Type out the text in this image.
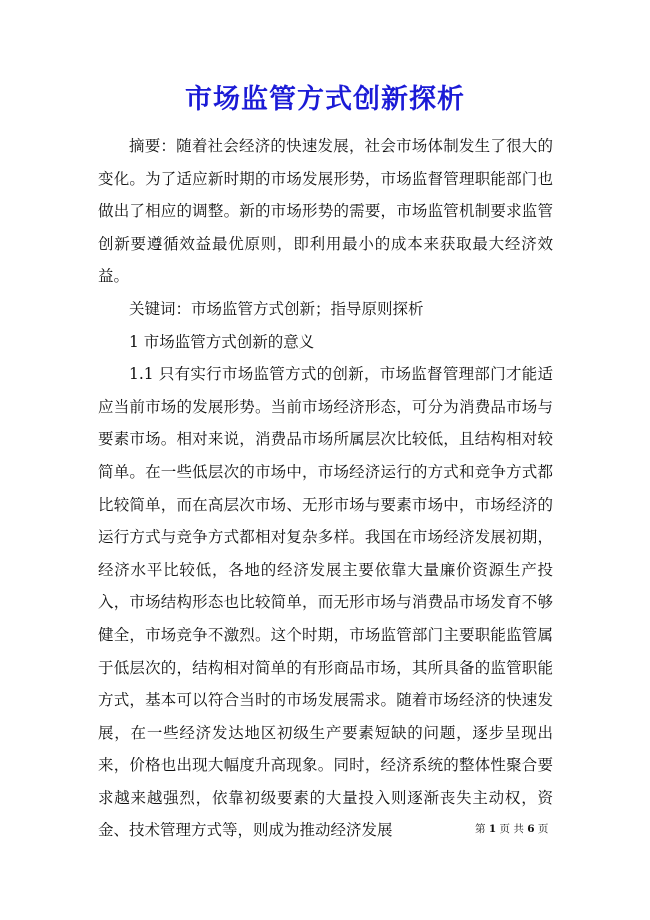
市场监管方式创新探析

摘要：随着社会经济的快速发展，社会市场体制发生了很大的变化。为了适应新时期的市场发展形势，市场监督管理职能部门也做出了相应的调整。新的市场形势的需要，市场监管机制要求监管创新要遵循效益最优原则，即利用最小的成本来获取最大经济效益。

关键词：市场监管方式创新；指导原则探析

1 市场监管方式创新的意义

1.1 只有实行市场监管方式的创新，市场监督管理部门才能适应当前市场的发展形势。当前市场经济形态，可分为消费品市场与要素市场。相对来说，消费品市场所属层次比较低，且结构相对较简单。在一些低层次的市场中，市场经济运行的方式和竞争方式都比较简单，而在高层次市场、无形市场与要素市场中，市场经济的运行方式与竞争方式都相对复杂多样。我国在市场经济发展初期，经济水平比较低，各地的经济发展主要依靠大量廉价资源生产投入，市场结构形态也比较简单，而无形市场与消费品市场发育不够健全，市场竞争不激烈。这个时期，市场监管部门主要职能监管属于低层次的，结构相对简单的有形商品市场，其所具备的监管职能方式，基本可以符合当时的市场发展需求。随着市场经济的快速发展，在一些经济发达地区初级生产要素短缺的问题，逐步呈现出来，价格也出现大幅度升高现象。同时，经济系统的整体性聚合要求越来越强烈，依靠初级要素的大量投入则逐渐丧失主动权，资金、技术管理方式等，则成为推动经济发展	第 1 页 共 6 页
